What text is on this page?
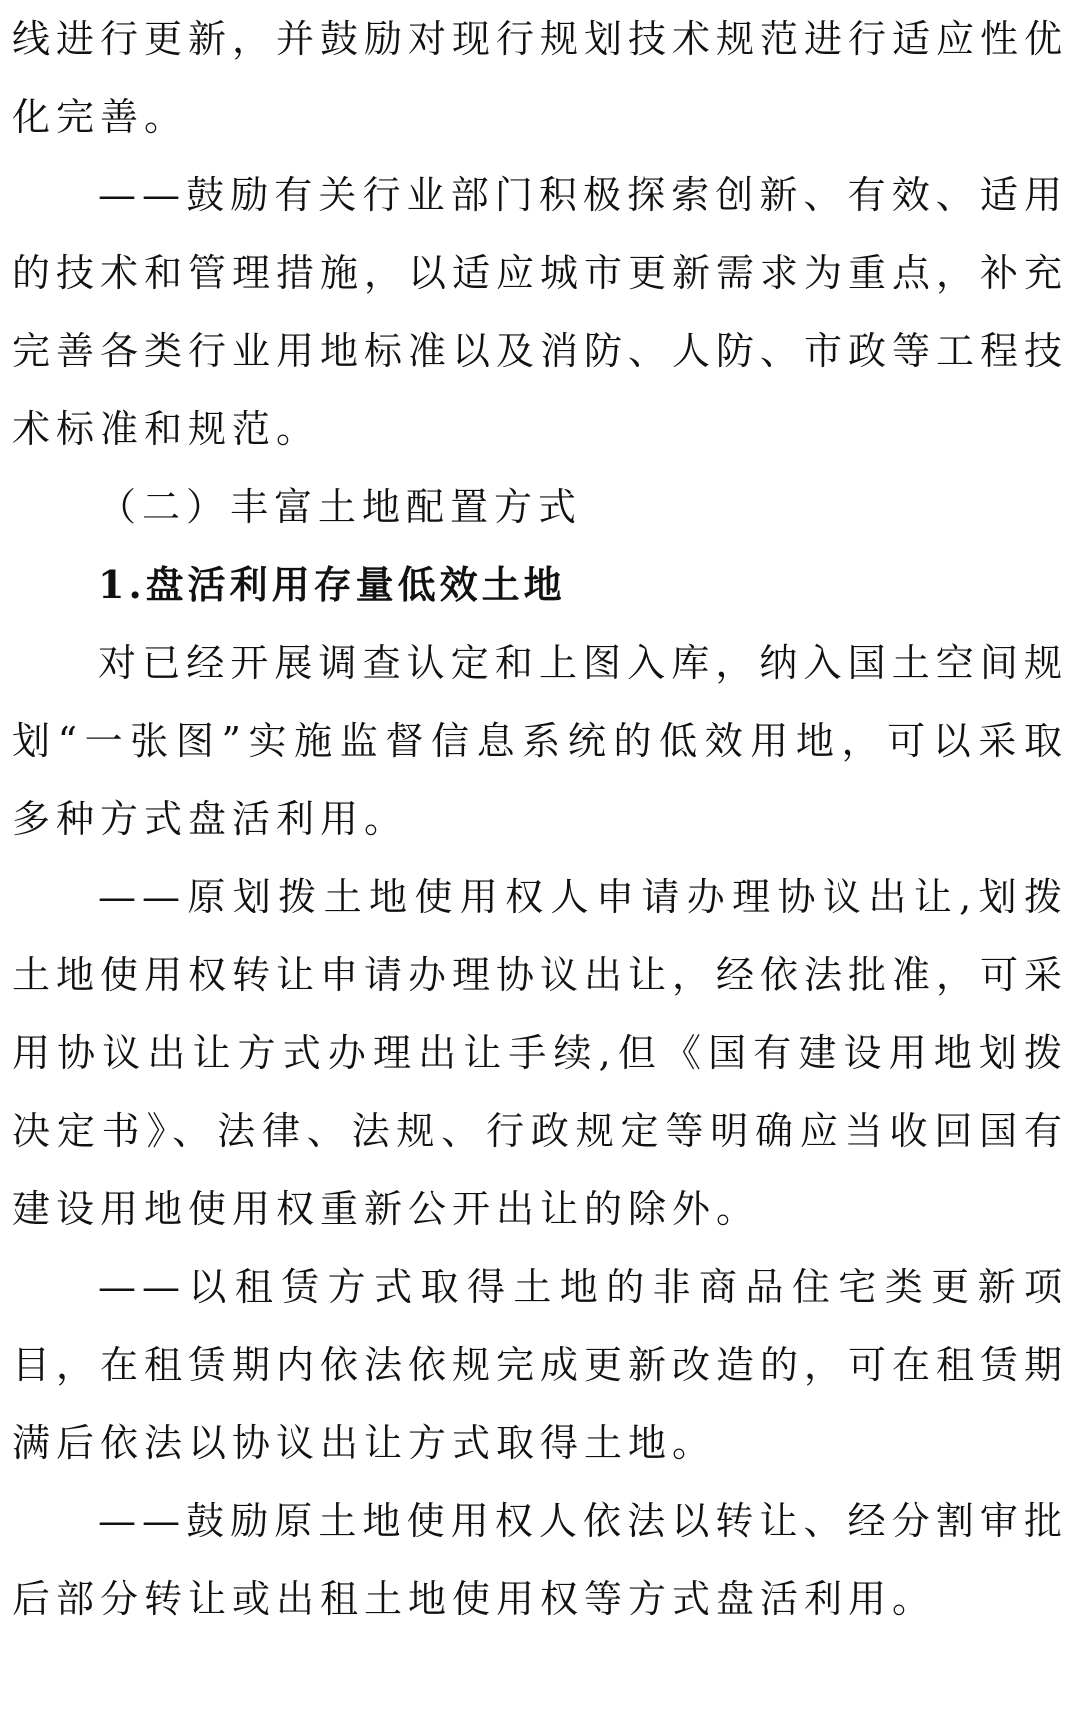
线进行更新，并鼓励对现行规划技术规范进行适应性优化完善。

——鼓励有关行业部门积极探索创新、有效、适用的技术和管理措施，以适应城市更新需求为重点，补充完善各类行业用地标准以及消防、人防、市政等工程技术标准和规范。

（二）丰富土地配置方式

1.盘活利用存量低效土地

对已经开展调查认定和上图入库，纳入国土空间规划“一张图”实施监督信息系统的低效用地，可以采取多种方式盘活利用。

——原划拨土地使用权人申请办理协议出让,划拨土地使用权转让申请办理协议出让，经依法批准，可采用协议出让方式办理出让手续,但《国有建设用地划拨决定书》、法律、法规、行政规定等明确应当收回国有建设用地使用权重新公开出让的除外。

——以租赁方式取得土地的非商品住宅类更新项目，在租赁期内依法依规完成更新改造的，可在租赁期满后依法以协议出让方式取得土地。

——鼓励原土地使用权人依法以转让、经分割审批后部分转让或出租土地使用权等方式盘活利用。
